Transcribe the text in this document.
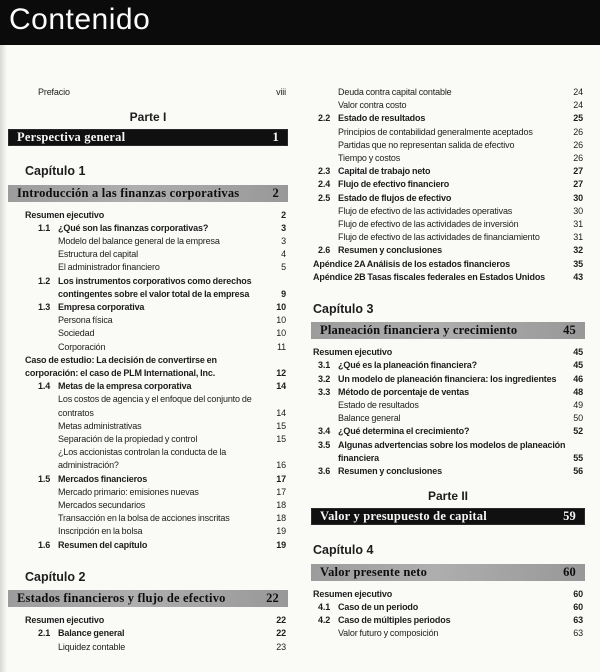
Contenido
Prefacio	viii
Parte I
Perspectiva general	1
Capítulo 1
Introducción a las finanzas corporativas	2
Resumen ejecutivo	2
1.1 ¿Qué son las finanzas corporativas?	3
Modelo del balance general de la empresa	3
Estructura del capital	4
El administrador financiero	5
1.2 Los instrumentos corporativos como derechos contingentes sobre el valor total de la empresa	9
1.3 Empresa corporativa	10
Persona física	10
Sociedad	10
Corporación	11
Caso de estudio: La decisión de convertirse en corporación: el caso de PLM International, Inc.	12
1.4 Metas de la empresa corporativa	14
Los costos de agencia y el enfoque del conjunto de contratos	14
Metas administrativas	15
Separación de la propiedad y control	15
¿Los accionistas controlan la conducta de la administración?	16
1.5 Mercados financieros	17
Mercado primario: emisiones nuevas	17
Mercados secundarios	18
Transacción en la bolsa de acciones inscritas	18
Inscripción en la bolsa	19
1.6 Resumen del capítulo	19
Capítulo 2
Estados financieros y flujo de efectivo	22
Resumen ejecutivo	22
2.1 Balance general	22
Liquidez contable	23
Deuda contra capital contable	24
Valor contra costo	24
2.2 Estado de resultados	25
Principios de contabilidad generalmente aceptados	26
Partidas que no representan salida de efectivo	26
Tiempo y costos	26
2.3 Capital de trabajo neto	27
2.4 Flujo de efectivo financiero	27
2.5 Estado de flujos de efectivo	30
Flujo de efectivo de las actividades operativas	30
Flujo de efectivo de las actividades de inversión	31
Flujo de efectivo de las actividades de financiamiento	31
2.6 Resumen y conclusiones	32
Apéndice 2A Análisis de los estados financieros	35
Apéndice 2B Tasas fiscales federales en Estados Unidos	43
Capítulo 3
Planeación financiera y crecimiento	45
Resumen ejecutivo	45
3.1 ¿Qué es la planeación financiera?	45
3.2 Un modelo de planeación financiera: los ingredientes	46
3.3 Método de porcentaje de ventas	48
Estado de resultados	49
Balance general	50
3.4 ¿Qué determina el crecimiento?	52
3.5 Algunas advertencias sobre los modelos de planeación financiera	55
3.6 Resumen y conclusiones	56
Parte II
Valor y presupuesto de capital	59
Capítulo 4
Valor presente neto	60
Resumen ejecutivo	60
4.1 Caso de un periodo	60
4.2 Caso de múltiples periodos	63
Valor futuro y composición	63
